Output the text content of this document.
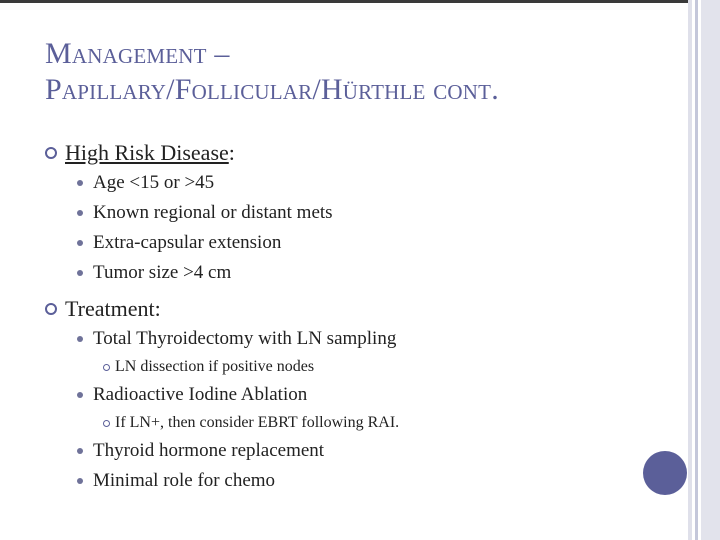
Management –
Papillary/Follicular/Hürthle cont.
High Risk Disease:
Age <15 or >45
Known regional or distant mets
Extra-capsular extension
Tumor size >4 cm
Treatment:
Total Thyroidectomy with LN sampling
LN dissection if positive nodes
Radioactive Iodine Ablation
If LN+, then consider EBRT following RAI.
Thyroid hormone replacement
Minimal role for chemo
